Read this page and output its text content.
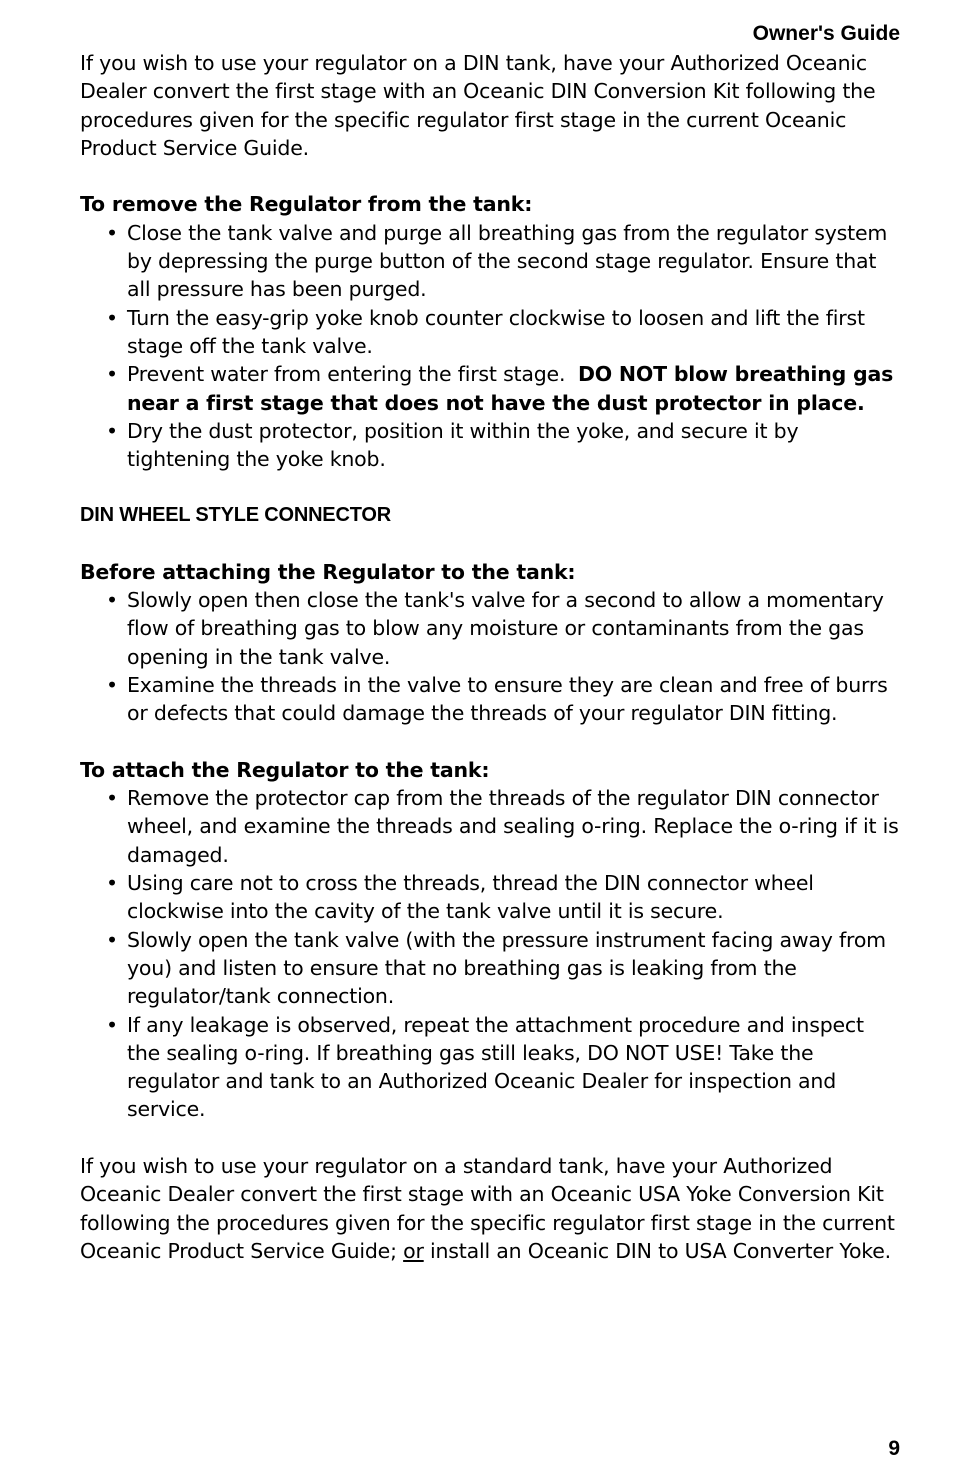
Owner's Guide

If you wish to use your regulator on a DIN tank, have your Authorized Oceanic Dealer convert the first stage with an Oceanic DIN Conversion Kit following the procedures given for the specific regulator first stage in the current Oceanic Product Service Guide.

To remove the Regulator from the tank:

• Close the tank valve and purge all breathing gas from the regulator system by depressing the purge button of the second stage regulator. Ensure that all pressure has been purged.
• Turn the easy-grip yoke knob counter clockwise to loosen and lift the first stage off the tank valve.
• Prevent water from entering the first stage. DO NOT blow breathing gas near a first stage that does not have the dust protector in place.
• Dry the dust protector, position it within the yoke, and secure it by tightening the yoke knob.

DIN WHEEL STYLE CONNECTOR

Before attaching the Regulator to the tank:

• Slowly open then close the tank's valve for a second to allow a momentary flow of breathing gas to blow any moisture or contaminants from the gas opening in the tank valve.
• Examine the threads in the valve to ensure they are clean and free of burrs or defects that could damage the threads of your regulator DIN fitting.

To attach the Regulator to the tank:

• Remove the protector cap from the threads of the regulator DIN connector wheel, and examine the threads and sealing o-ring. Replace the o-ring if it is damaged.
• Using care not to cross the threads, thread the DIN connector wheel clockwise into the cavity of the tank valve until it is secure.
• Slowly open the tank valve (with the pressure instrument facing away from you) and listen to ensure that no breathing gas is leaking from the regulator/tank connection.
• If any leakage is observed, repeat the attachment procedure and inspect the sealing o-ring. If breathing gas still leaks, DO NOT USE! Take the regulator and tank to an Authorized Oceanic Dealer for inspection and service.

If you wish to use your regulator on a standard tank, have your Authorized Oceanic Dealer convert the first stage with an Oceanic USA Yoke Conversion Kit following the procedures given for the specific regulator first stage in the current Oceanic Product Service Guide; or install an Oceanic DIN to USA Converter Yoke.

9
